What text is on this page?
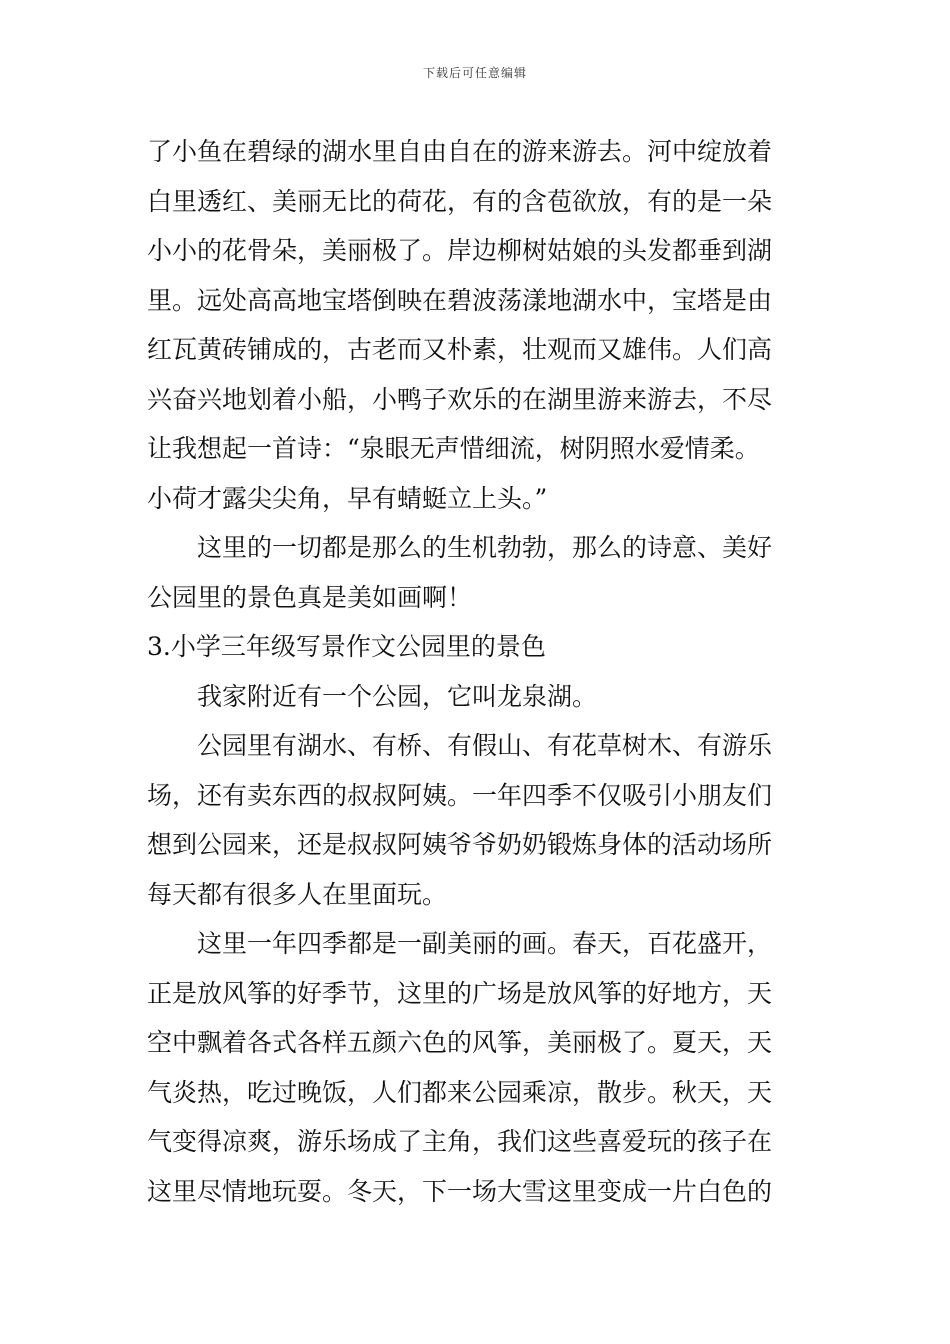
下载后可任意编辑
了小鱼在碧绿的湖水里自由自在的游来游去。河中绽放着
白里透红、美丽无比的荷花，有的含苞欲放，有的是一朵
小小的花骨朵，美丽极了。岸边柳树姑娘的头发都垂到湖
里。远处高高地宝塔倒映在碧波荡漾地湖水中，宝塔是由
红瓦黄砖铺成的，古老而又朴素，壮观而又雄伟。人们高
兴奋兴地划着小船，小鸭子欢乐的在湖里游来游去，不尽
让我想起一首诗：“泉眼无声惜细流，树阴照水爱情柔。
小荷才露尖尖角，早有蜻蜓立上头。”
这里的一切都是那么的生机勃勃，那么的诗意、美好
公园里的景色真是美如画啊！
3.小学三年级写景作文公园里的景色
我家附近有一个公园，它叫龙泉湖。
公园里有湖水、有桥、有假山、有花草树木、有游乐
场，还有卖东西的叔叔阿姨。一年四季不仅吸引小朋友们
想到公园来，还是叔叔阿姨爷爷奶奶锻炼身体的活动场所
每天都有很多人在里面玩。
这里一年四季都是一副美丽的画。春天，百花盛开，
正是放风筝的好季节，这里的广场是放风筝的好地方，天
空中飘着各式各样五颜六色的风筝，美丽极了。夏天，天
气炎热，吃过晚饭，人们都来公园乘凉，散步。秋天，天
气变得凉爽，游乐场成了主角，我们这些喜爱玩的孩子在
这里尽情地玩耍。冬天，下一场大雪这里变成一片白色的
